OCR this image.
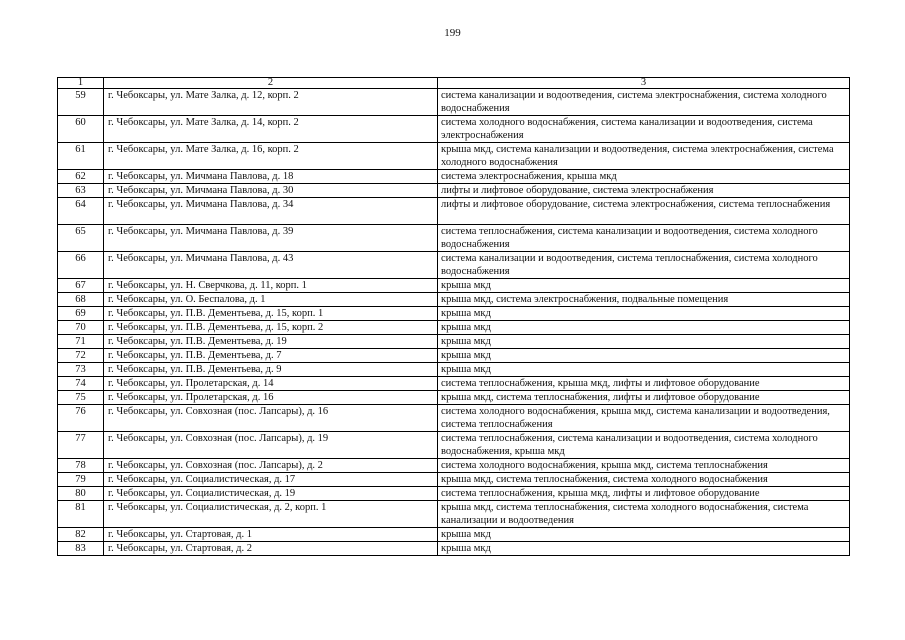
199
1	2	3
59	г. Чебоксары, ул. Мате Залка, д. 12, корп. 2	система канализации и водоотведения, система электроснабжения, система холодного водоснабжения
60	г. Чебоксары, ул. Мате Залка, д. 14, корп. 2	система холодного водоснабжения, система канализации и водоотведения, система электроснабжения
61	г. Чебоксары, ул. Мате Залка, д. 16, корп. 2	крыша мкд, система канализации и водоотведения, система электроснабжения, система холодного водоснабжения
62	г. Чебоксары, ул. Мичмана Павлова, д. 18	система электроснабжения, крыша мкд
63	г. Чебоксары, ул. Мичмана Павлова, д. 30	лифты и лифтовое оборудование, система электроснабжения
64	г. Чебоксары, ул. Мичмана Павлова, д. 34	лифты и лифтовое оборудование, система электроснабжения, система теплоснабжения
65	г. Чебоксары, ул. Мичмана Павлова, д. 39	система теплоснабжения, система канализации и водоотведения, система холодного водоснабжения
66	г. Чебоксары, ул. Мичмана Павлова, д. 43	система канализации и водоотведения, система теплоснабжения, система холодного водоснабжения
67	г. Чебоксары, ул. Н. Сверчкова, д. 11, корп. 1	крыша мкд
68	г. Чебоксары, ул. О. Беспалова, д. 1	крыша мкд, система электроснабжения, подвальные помещения
69	г. Чебоксары, ул. П.В. Дементьева, д. 15, корп. 1	крыша мкд
70	г. Чебоксары, ул. П.В. Дементьева, д. 15, корп. 2	крыша мкд
71	г. Чебоксары, ул. П.В. Дементьева, д. 19	крыша мкд
72	г. Чебоксары, ул. П.В. Дементьева, д. 7	крыша мкд
73	г. Чебоксары, ул. П.В. Дементьева, д. 9	крыша мкд
74	г. Чебоксары, ул. Пролетарская, д. 14	система теплоснабжения, крыша мкд, лифты и лифтовое оборудование
75	г. Чебоксары, ул. Пролетарская, д. 16	крыша мкд, система теплоснабжения, лифты и лифтовое оборудование
76	г. Чебоксары, ул. Совхозная (пос. Лапсары), д. 16	система холодного водоснабжения, крыша мкд, система канализации и водоотведения, система теплоснабжения
77	г. Чебоксары, ул. Совхозная (пос. Лапсары), д. 19	система теплоснабжения, система канализации и водоотведения, система холодного водоснабжения, крыша мкд
78	г. Чебоксары, ул. Совхозная (пос. Лапсары), д. 2	система холодного водоснабжения, крыша мкд, система теплоснабжения
79	г. Чебоксары, ул. Социалистическая, д. 17	крыша мкд, система теплоснабжения, система холодного водоснабжения
80	г. Чебоксары, ул. Социалистическая, д. 19	система теплоснабжения, крыша мкд, лифты и лифтовое оборудование
81	г. Чебоксары, ул. Социалистическая, д. 2, корп. 1	крыша мкд, система теплоснабжения, система холодного водоснабжения, система канализации и водоотведения
82	г. Чебоксары, ул. Стартовая, д. 1	крыша мкд
83	г. Чебоксары, ул. Стартовая, д. 2	крыша мкд
